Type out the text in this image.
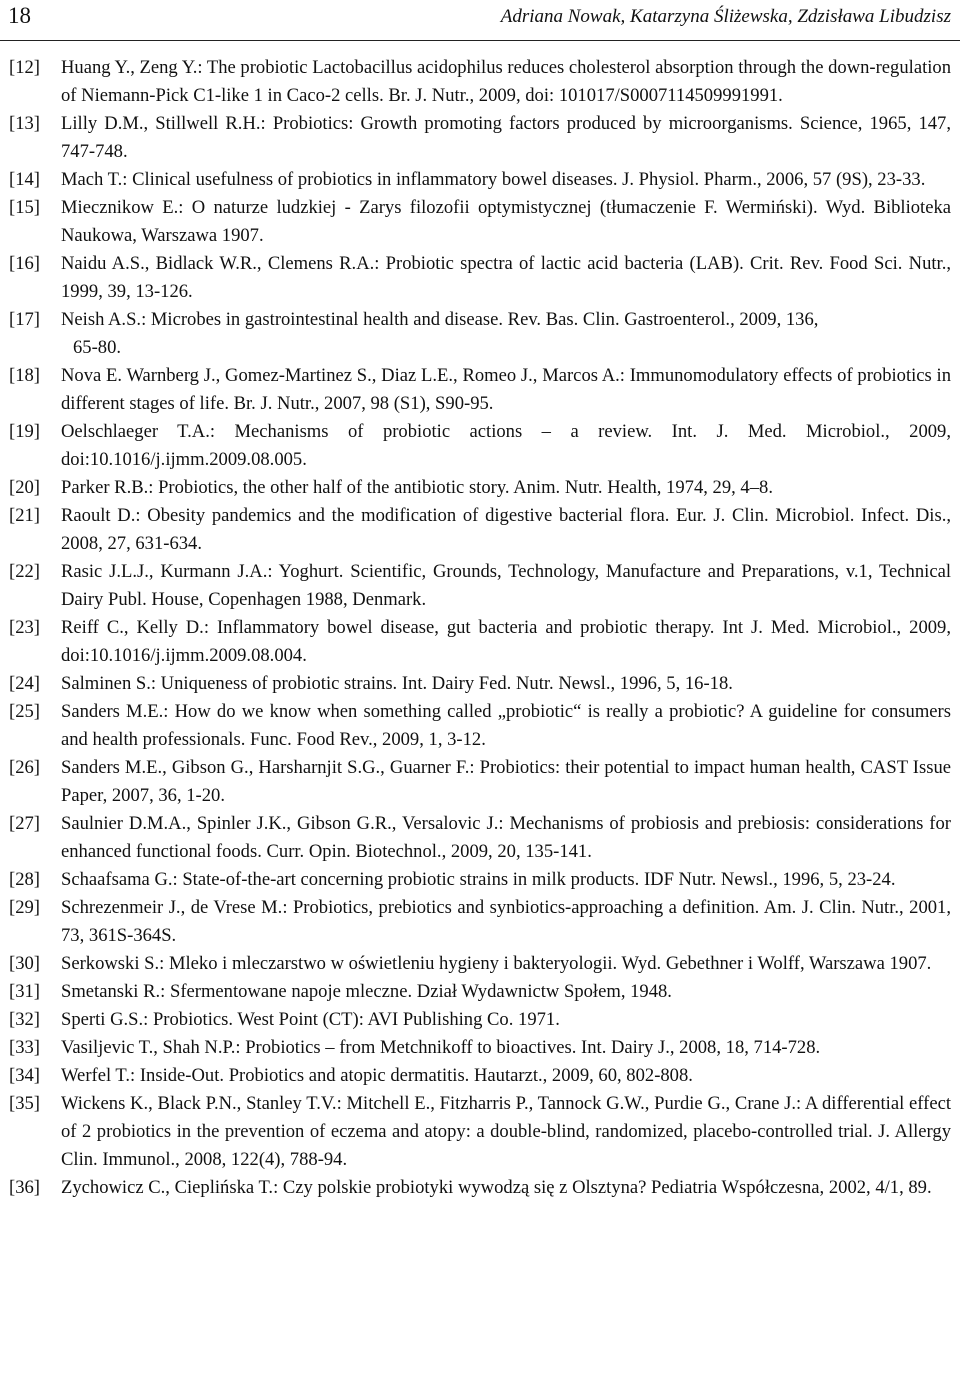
18	Adriana Nowak, Katarzyna Śliżewska, Zdzisława Libudzisz
[12] Huang Y., Zeng Y.: The probiotic Lactobacillus acidophilus reduces cholesterol absorption through the down-regulation of Niemann-Pick C1-like 1 in Caco-2 cells. Br. J. Nutr., 2009, doi: 101017/S0007114509991991.
[13] Lilly D.M., Stillwell R.H.: Probiotics: Growth promoting factors produced by microorganisms. Science, 1965, 147, 747-748.
[14] Mach T.: Clinical usefulness of probiotics in inflammatory bowel diseases. J. Physiol. Pharm., 2006, 57 (9S), 23-33.
[15] Miecznikow E.: O naturze ludzkiej - Zarys filozofii optymistycznej (tłumaczenie F. Wermiński). Wyd. Biblioteka Naukowa, Warszawa 1907.
[16] Naidu A.S., Bidlack W.R., Clemens R.A.: Probiotic spectra of lactic acid bacteria (LAB). Crit. Rev. Food Sci. Nutr., 1999, 39, 13-126.
[17] Neish A.S.: Microbes in gastrointestinal health and disease. Rev. Bas. Clin. Gastroenterol., 2009, 136,
65-80.
[18] Nova E. Warnberg J., Gomez-Martinez S., Diaz L.E., Romeo J., Marcos A.: Immunomodulatory effects of probiotics in different stages of life. Br. J. Nutr., 2007, 98 (S1), S90-95.
[19] Oelschlaeger T.A.: Mechanisms of probiotic actions – a review. Int. J. Med. Microbiol., 2009, doi:10.1016/j.ijmm.2009.08.005.
[20] Parker R.B.: Probiotics, the other half of the antibiotic story. Anim. Nutr. Health, 1974, 29, 4–8.
[21] Raoult D.: Obesity pandemics and the modification of digestive bacterial flora. Eur. J. Clin. Microbiol. Infect. Dis., 2008, 27, 631-634.
[22] Rasic J.L.J., Kurmann J.A.: Yoghurt. Scientific, Grounds, Technology, Manufacture and Preparations, v.1, Technical Dairy Publ. House, Copenhagen 1988, Denmark.
[23] Reiff C., Kelly D.: Inflammatory bowel disease, gut bacteria and probiotic therapy. Int J. Med. Microbiol., 2009, doi:10.1016/j.ijmm.2009.08.004.
[24] Salminen S.: Uniqueness of probiotic strains. Int. Dairy Fed. Nutr. Newsl., 1996, 5, 16-18.
[25] Sanders M.E.: How do we know when something called „probiotic“ is really a probiotic? A guideline for consumers and health professionals. Func. Food Rev., 2009, 1, 3-12.
[26] Sanders M.E., Gibson G., Harsharnjit S.G., Guarner F.: Probiotics: their potential to impact human health, CAST Issue Paper, 2007, 36, 1-20.
[27] Saulnier D.M.A., Spinler J.K., Gibson G.R., Versalovic J.: Mechanisms of probiosis and prebiosis: considerations for enhanced functional foods. Curr. Opin. Biotechnol., 2009, 20, 135-141.
[28] Schaafsama G.: State-of-the-art concerning probiotic strains in milk products. IDF Nutr. Newsl., 1996, 5, 23-24.
[29] Schrezenmeir J., de Vrese M.: Probiotics, prebiotics and synbiotics-approaching a definition. Am. J. Clin. Nutr., 2001, 73, 361S-364S.
[30] Serkowski S.: Mleko i mleczarstwo w oświetleniu hygieny i bakteryologii. Wyd. Gebethner i Wolff, Warszawa 1907.
[31] Smetanski R.: Sfermentowane napoje mleczne. Dział Wydawnictw Społem, 1948.
[32] Sperti G.S.: Probiotics. West Point (CT): AVI Publishing Co. 1971.
[33] Vasiljevic T., Shah N.P.: Probiotics – from Metchnikoff to bioactives. Int. Dairy J., 2008, 18, 714-728.
[34] Werfel T.: Inside-Out. Probiotics and atopic dermatitis. Hautarzt., 2009, 60, 802-808.
[35] Wickens K., Black P.N., Stanley T.V.: Mitchell E., Fitzharris P., Tannock G.W., Purdie G., Crane J.: A differential effect of 2 probiotics in the prevention of eczema and atopy: a double-blind, randomized, placebo-controlled trial. J. Allergy Clin. Immunol., 2008, 122(4), 788-94.
[36] Zychowicz C., Cieplińska T.: Czy polskie probiotyki wywodzą się z Olsztyna? Pediatria Współczesna, 2002, 4/1, 89.
